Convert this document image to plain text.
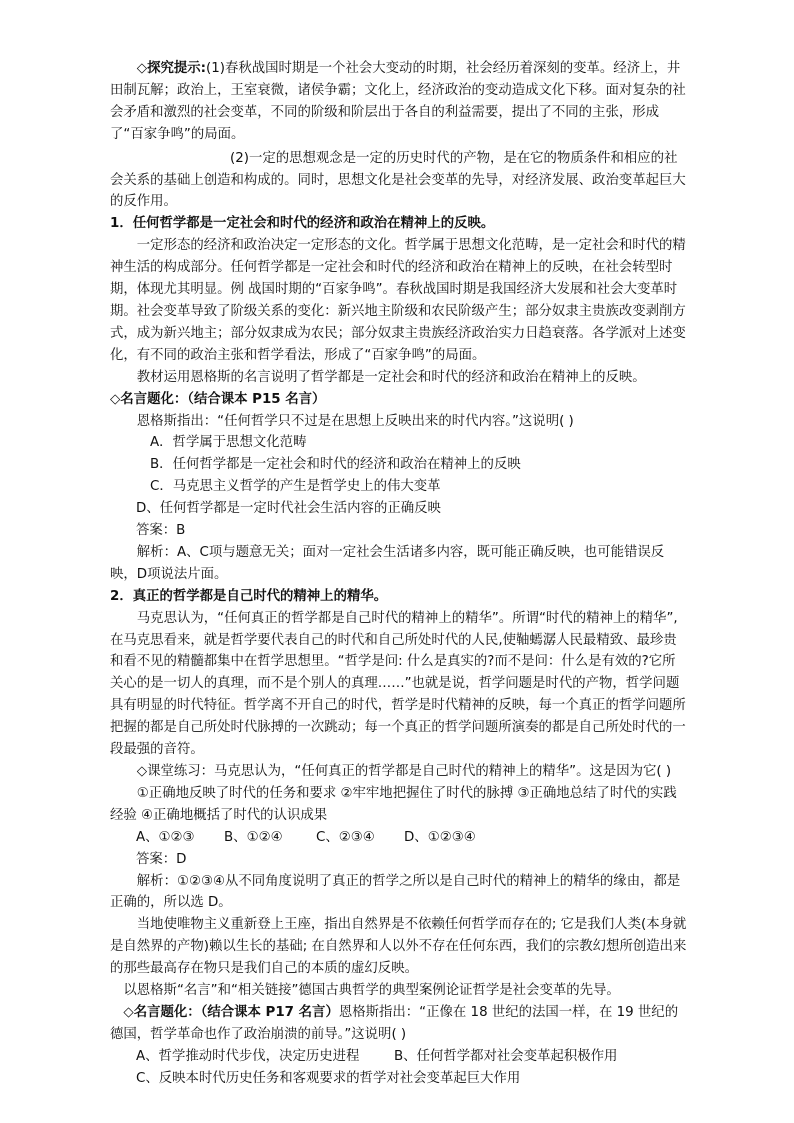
◇探究提示:(1)春秋战国时期是一个社会大变动的时期，社会经历着深刻的变革。经济上，井田制瓦解；政治上，王室衰微，诸侯争霸；文化上，经济政治的变动造成文化下移。面对复杂的社会矛盾和激烈的社会变革，不同的阶级和阶层出于各自的利益需要，提出了不同的主张，形成了“百家争鸣”的局面。

(2)一定的思想观念是一定的历史时代的产物，是在它的物质条件和相应的社会关系的基础上创造和构成的。同时，思想文化是社会变革的先导，对经济发展、政治变革起巨大的反作用。

1．任何哲学都是一定社会和时代的经济和政治在精神上的反映。

一定形态的经济和政治决定一定形态的文化。哲学属于思想文化范畴，是一定社会和时代的精神生活的构成部分。任何哲学都是一定社会和时代的经济和政治在精神上的反映，在社会转型时期，体现尤其明显。例 战国时期的“百家争鸣”。春秋战国时期是我国经济大发展和社会大变革时期。社会变革导致了阶级关系的变化：新兴地主阶级和农民阶级产生；部分奴隶主贵族改变剥削方式，成为新兴地主；部分奴隶成为农民；部分奴隶主贵族经济政治实力日趋衰落。各学派对上述变化，有不同的政治主张和哲学看法，形成了“百家争鸣”的局面。

教材运用恩格斯的名言说明了哲学都是一定社会和时代的经济和政治在精神上的反映。

◇名言题化：（结合课本 P15 名言）

恩格斯指出：“任何哲学只不过是在思想上反映出来的时代内容。”这说明( )

A．哲学属于思想文化范畴

B．任何哲学都是一定社会和时代的经济和政治在精神上的反映

C．马克思主义哲学的产生是哲学史上的伟大变革

D、任何哲学都是一定时代社会生活内容的正确反映

答案：B

解析：A、C项与题意无关；面对一定社会生活诸多内容，既可能正确反映，也可能错误反映，D项说法片面。

2．真正的哲学都是自己时代的精神上的精华。

马克思认为，“任何真正的哲学都是自己时代的精神上的精华”。所谓“时代的精神上的精华”,在马克思看来，就是哲学要代表自己的时代和自己所处时代的人民,使䩜䗡潺人民最精致、最珍贵和看不见的精髓都集中在哲学思想里。“哲学是问: 什么是真实的?而不是问：什么是有效的?它所关心的是一切人的真理，而不是个别人的真理……”也就是说，哲学问题是时代的产物，哲学问题具有明显的时代特征。哲学离不开自己的时代，哲学是时代精神的反映，每一个真正的哲学问题所把握的都是自己所处时代脉搏的一次跳动；每一个真正的哲学问题所演奏的都是自己所处时代的一段最强的音符。

◇课堂练习：马克思认为，“任何真正的哲学都是自己时代的精神上的精华”。这是因为它( )

①正确地反映了时代的任务和要求 ②牢牢地把握住了时代的脉搏 ③正确地总结了时代的实践经验 ④正确地概括了时代的认识成果

A、①②③ B、①②④ C、②③④ D、①②③④

答案：D

解析：①②③④从不同角度说明了真正的哲学之所以是自己时代的精神上的精华的缘由，都是正确的，所以选 D。

当地使唯物主义重新登上王座，指出自然界是不依赖任何哲学而存在的; 它是我们人类(本身就是自然界的产物)赖以生长的基础; 在自然界和人以外不存在任何东西，我们的宗教幻想所创造出来的那些最高存在物只是我们自己的本质的虚幻反映。

以恩格斯“名言”和“相关链接”德国古典哲学的典型案例论证哲学是社会变革的先导。

◇名言题化：（结合课本 P17 名言）恩格斯指出：“正像在 18 世纪的法国一样，在 19 世纪的德国，哲学革命也作了政治崩溃的前导。”这说明( )

A、哲学推动时代步伐，决定历史进程	B、任何哲学都对社会变革起积极作用

C、反映本时代历史任务和客观要求的哲学对社会变革起巨大作用
